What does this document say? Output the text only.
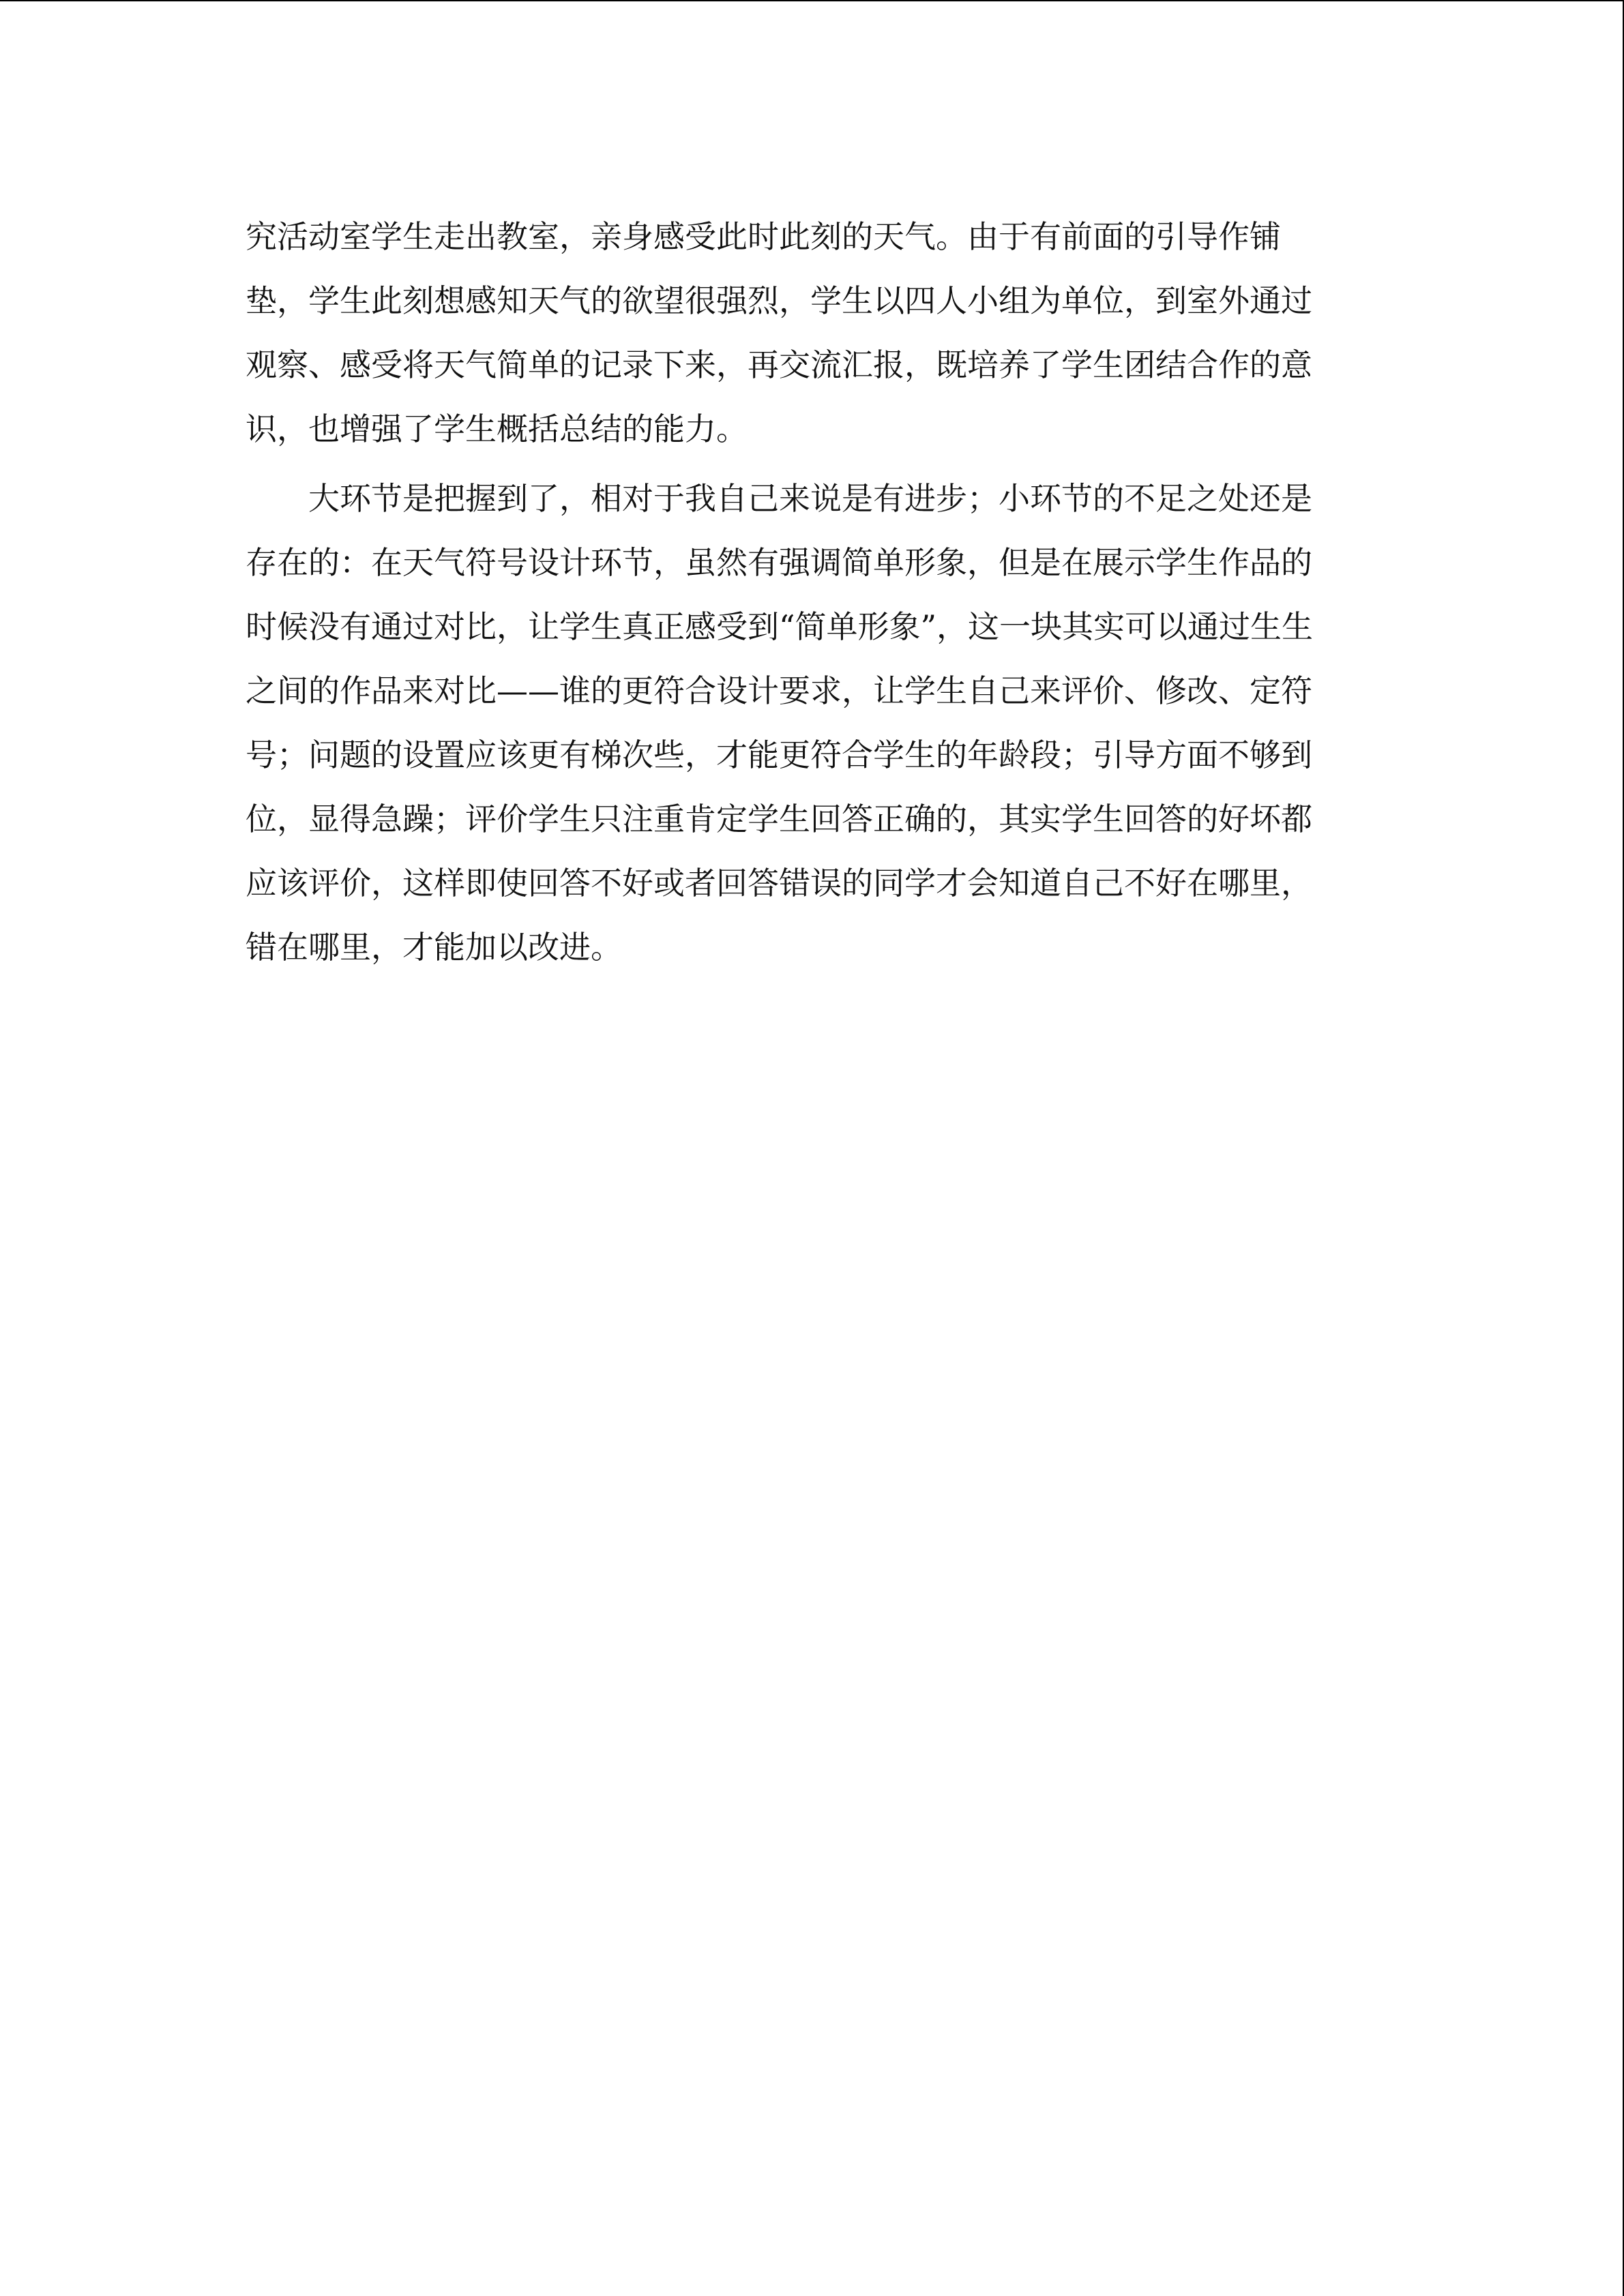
究活动室学生走出教室，亲身感受此时此刻的天气。由于有前面的引导作铺
垫，学生此刻想感知天气的欲望很强烈，学生以四人小组为单位，到室外通过
观察、感受将天气简单的记录下来，再交流汇报，既培养了学生团结合作的意
识，也增强了学生概括总结的能力。
　　大环节是把握到了，相对于我自己来说是有进步；小环节的不足之处还是
存在的：在天气符号设计环节，虽然有强调简单形象，但是在展示学生作品的
时候没有通过对比，让学生真正感受到“简单形象”，这一块其实可以通过生生
之间的作品来对比——谁的更符合设计要求，让学生自己来评价、修改、定符
号；问题的设置应该更有梯次些，才能更符合学生的年龄段；引导方面不够到
位，显得急躁；评价学生只注重肯定学生回答正确的，其实学生回答的好坏都
应该评价，这样即使回答不好或者回答错误的同学才会知道自己不好在哪里，
错在哪里，才能加以改进。
